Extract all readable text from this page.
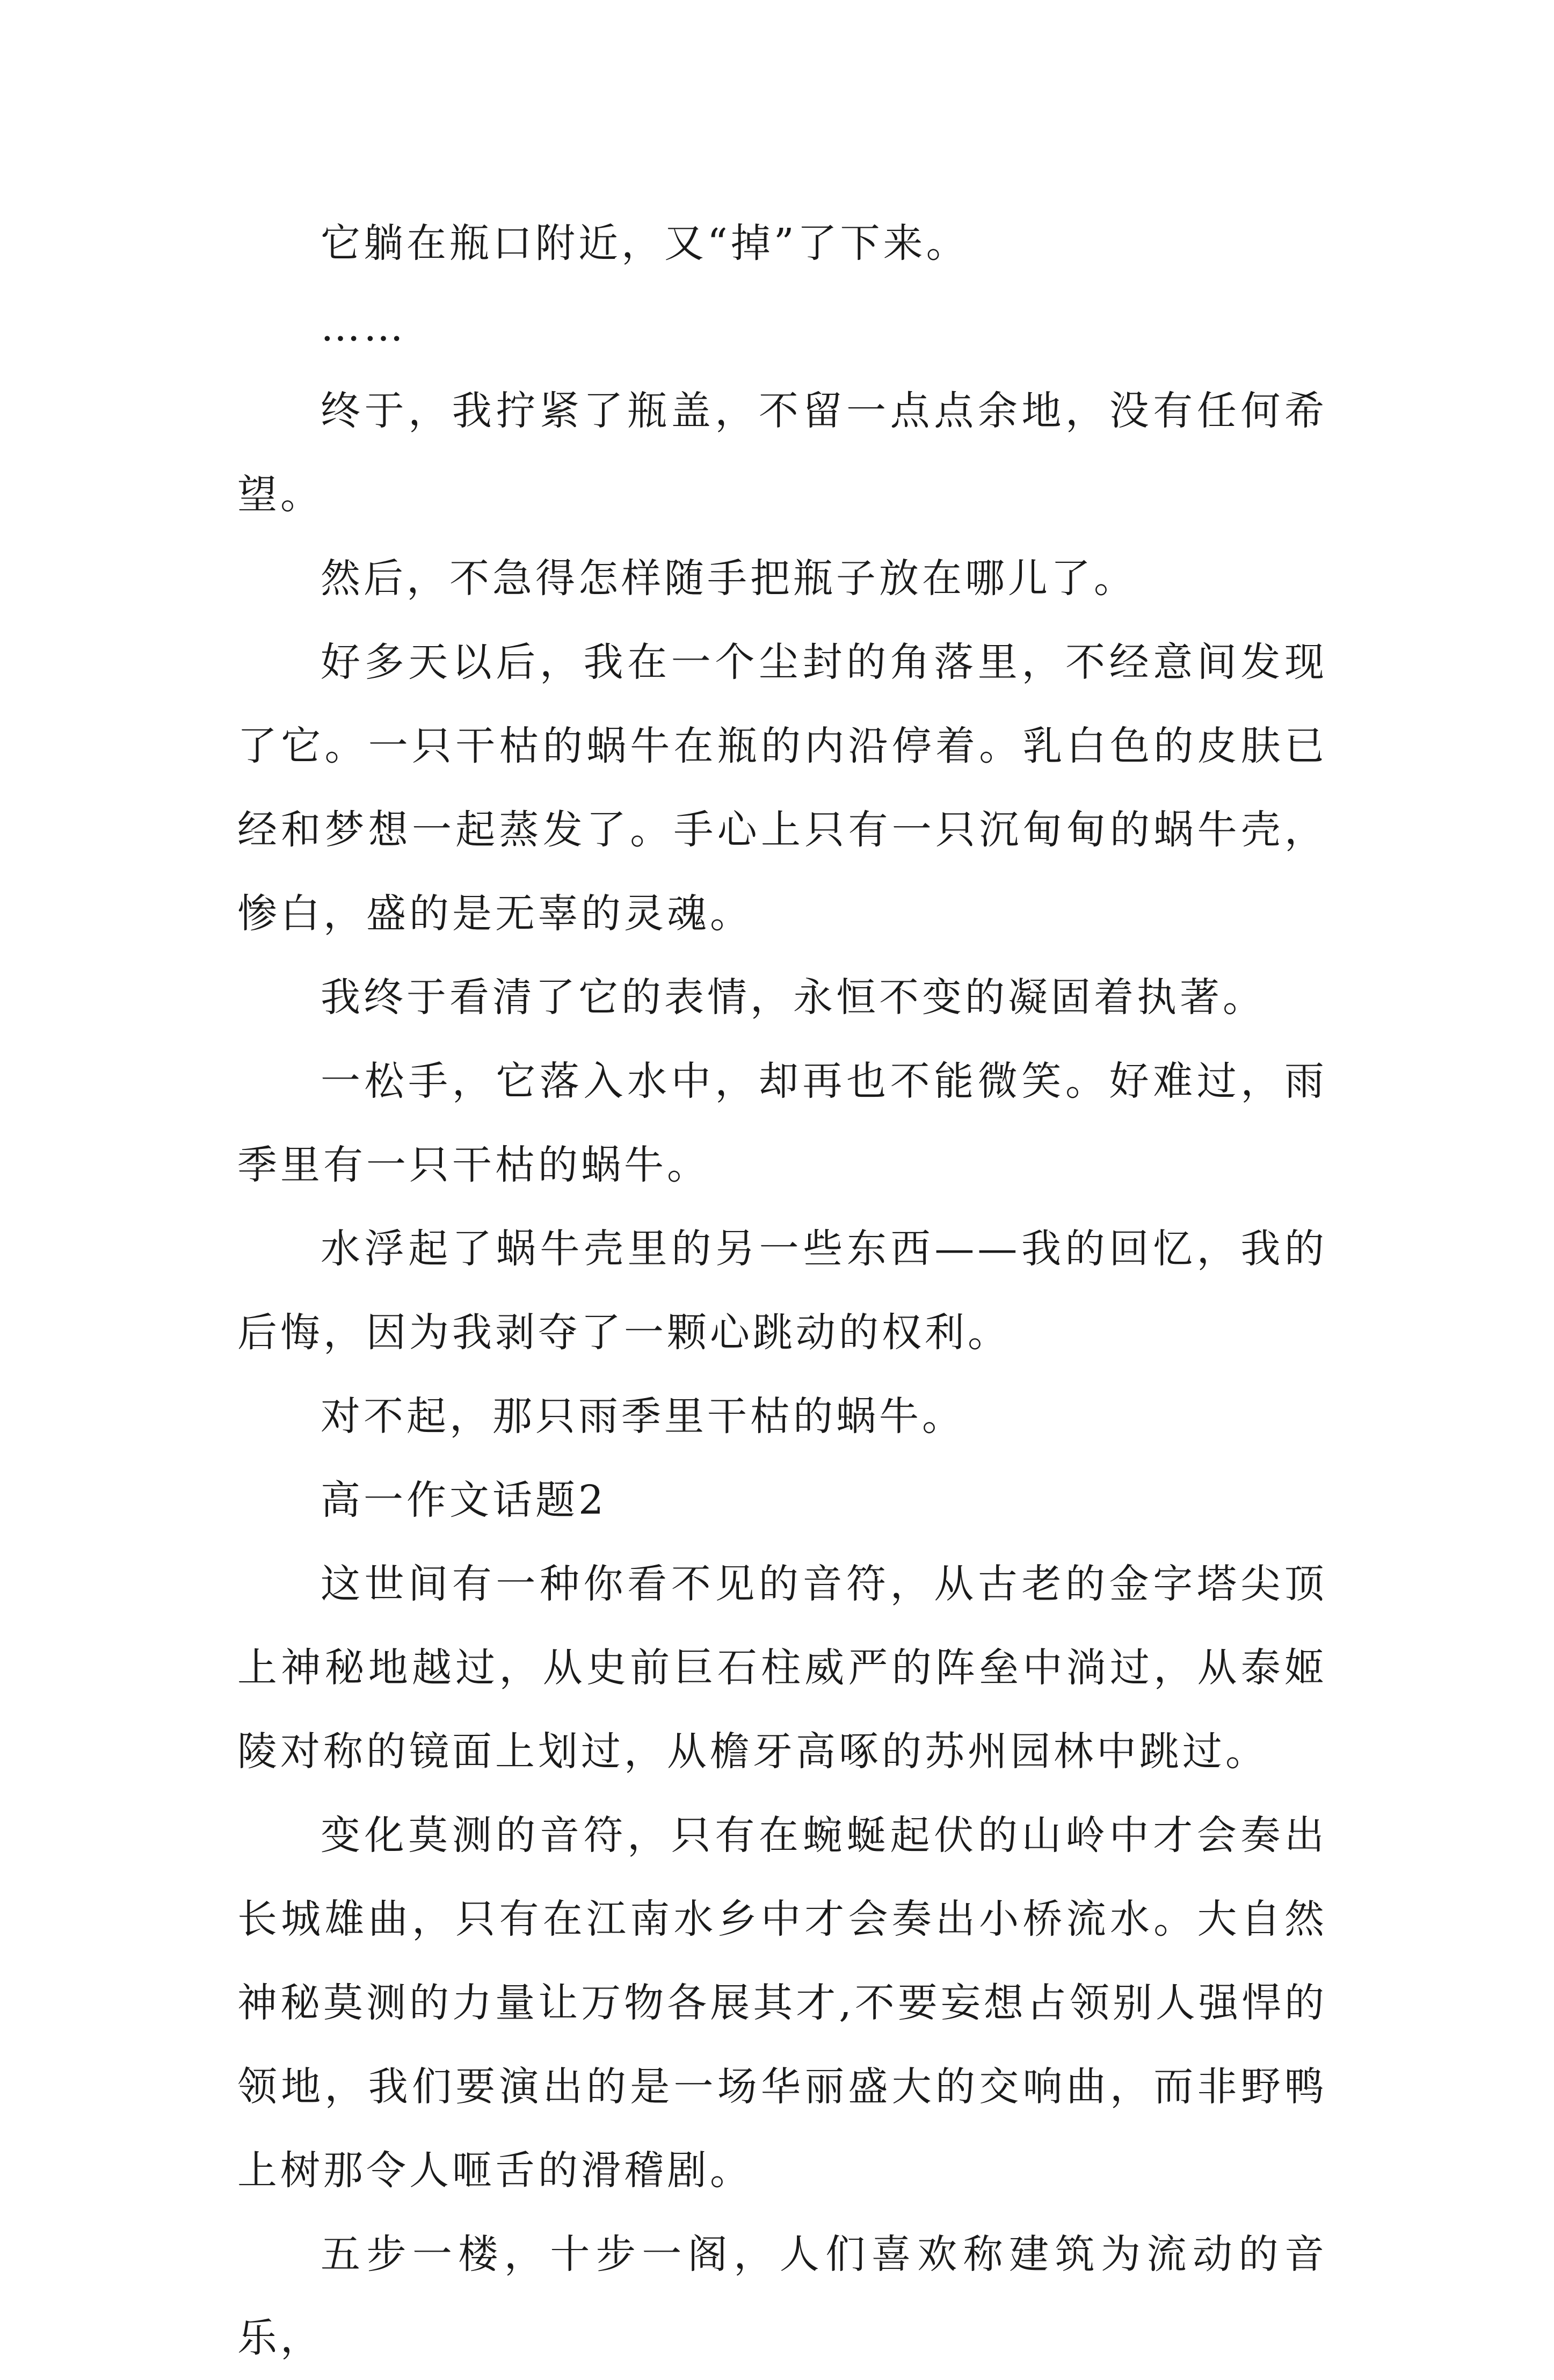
它躺在瓶口附近，又“掉”了下来。

……

终于，我拧紧了瓶盖，不留一点点余地，没有任何希望。

然后，不急得怎样随手把瓶子放在哪儿了。

好多天以后，我在一个尘封的角落里，不经意间发现了它。一只干枯的蜗牛在瓶的内沿停着。乳白色的皮肤已经和梦想一起蒸发了。手心上只有一只沉甸甸的蜗牛壳，惨白，盛的是无辜的灵魂。

我终于看清了它的表情，永恒不变的凝固着执著。

一松手，它落入水中，却再也不能微笑。好难过，雨季里有一只干枯的蜗牛。

水浮起了蜗牛壳里的另一些东西——我的回忆，我的后悔，因为我剥夺了一颗心跳动的权利。

对不起，那只雨季里干枯的蜗牛。

高一作文话题2

这世间有一种你看不见的音符，从古老的金字塔尖顶上神秘地越过，从史前巨石柱威严的阵垒中淌过，从泰姬陵对称的镜面上划过，从檐牙高啄的苏州园林中跳过。

变化莫测的音符，只有在蜿蜒起伏的山岭中才会奏出长城雄曲，只有在江南水乡中才会奏出小桥流水。大自然神秘莫测的力量让万物各展其才,不要妄想占领别人强悍的领地，我们要演出的是一场华丽盛大的交响曲，而非野鸭上树那令人咂舌的滑稽剧。

五步一楼，十步一阁，人们喜欢称建筑为流动的音乐，
